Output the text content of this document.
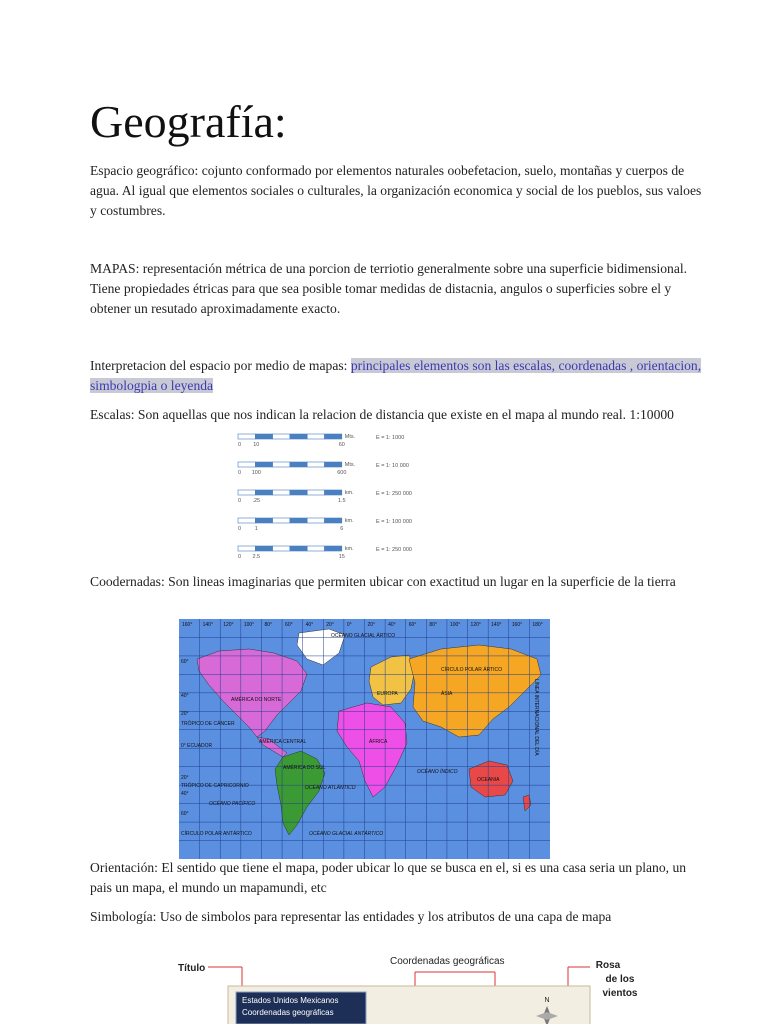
Geografía:
Espacio geográfico: cojunto conformado por elementos naturales oobefetacion, suelo, montañas y cuerpos de agua. Al igual que elementos sociales o culturales, la organización economica y social de los pueblos, sus valoes y costumbres.
MAPAS: representación métrica de una porcion de terriotio generalmente sobre una superficie bidimensional. Tiene propiedades étricas para que sea posible tomar medidas de distacnia, angulos o superficies sobre el y obtener un resutado aproximadamente exacto.
Interpretacion del espacio por medio de mapas: principales elementos son las escalas, coordenadas , orientacion, simbologpia o leyenda
Escalas: Son aquellas que nos indican la relacion de distancia que existe en el mapa al mundo real. 1:10000
0 10	60
Mts.	E = 1: 1000
0 100	600
Mts.	E = 1: 10 000
0 .25	1.5
km.	E = 1: 250 000
0 1	6
km.	E = 1: 100 000
0 2.5	15
km.	E = 1: 250 000
Coodernadas: Son lineas imaginarias que permiten ubicar con exactitud un lugar en la superficie de la tierra
160° 140° 120° 100° 80°	60°	40°	20°	0°	20°	40°	60°	80°	100° 120° 140° 160° 180°
60°
40°
20°
0° ECUADOR
20°
40°
60°
OCÉANO GLACIAL ÁRTICO
CÍRCULO POLAR ÁRTICO
TRÓPICO DE CÁNCER
TRÓPICO DE CAPRICORNIO
OCÉANO PACÍFICO
OCÉANO ATLÁNTICO
OCÉANO ÍNDICO
CÍRCULO POLAR ANTÁRTICO	OCÉANO GLACIAL ANTÁRTICO
LÍNEA INTERNACIONAL DEL DÍA
AMÉRICA DO NORTE
AMÉRICA CENTRAL
AMÉRICA DO SUL
EUROPA
ÁFRICA
ÁSIA
OCEANIA
Orientación: El sentido que tiene el mapa, poder ubicar lo que se busca en el, si es una casa seria un plano, un pais un mapa, el mundo un mapamundi, etc
Simbología: Uso de simbolos para representar las entidades y los atributos de una capa de mapa
Título
Coordenadas geográficas	Rosa
de los
vientos
Estados Unidos Mexicanos
Coordenadas geográficas
N
